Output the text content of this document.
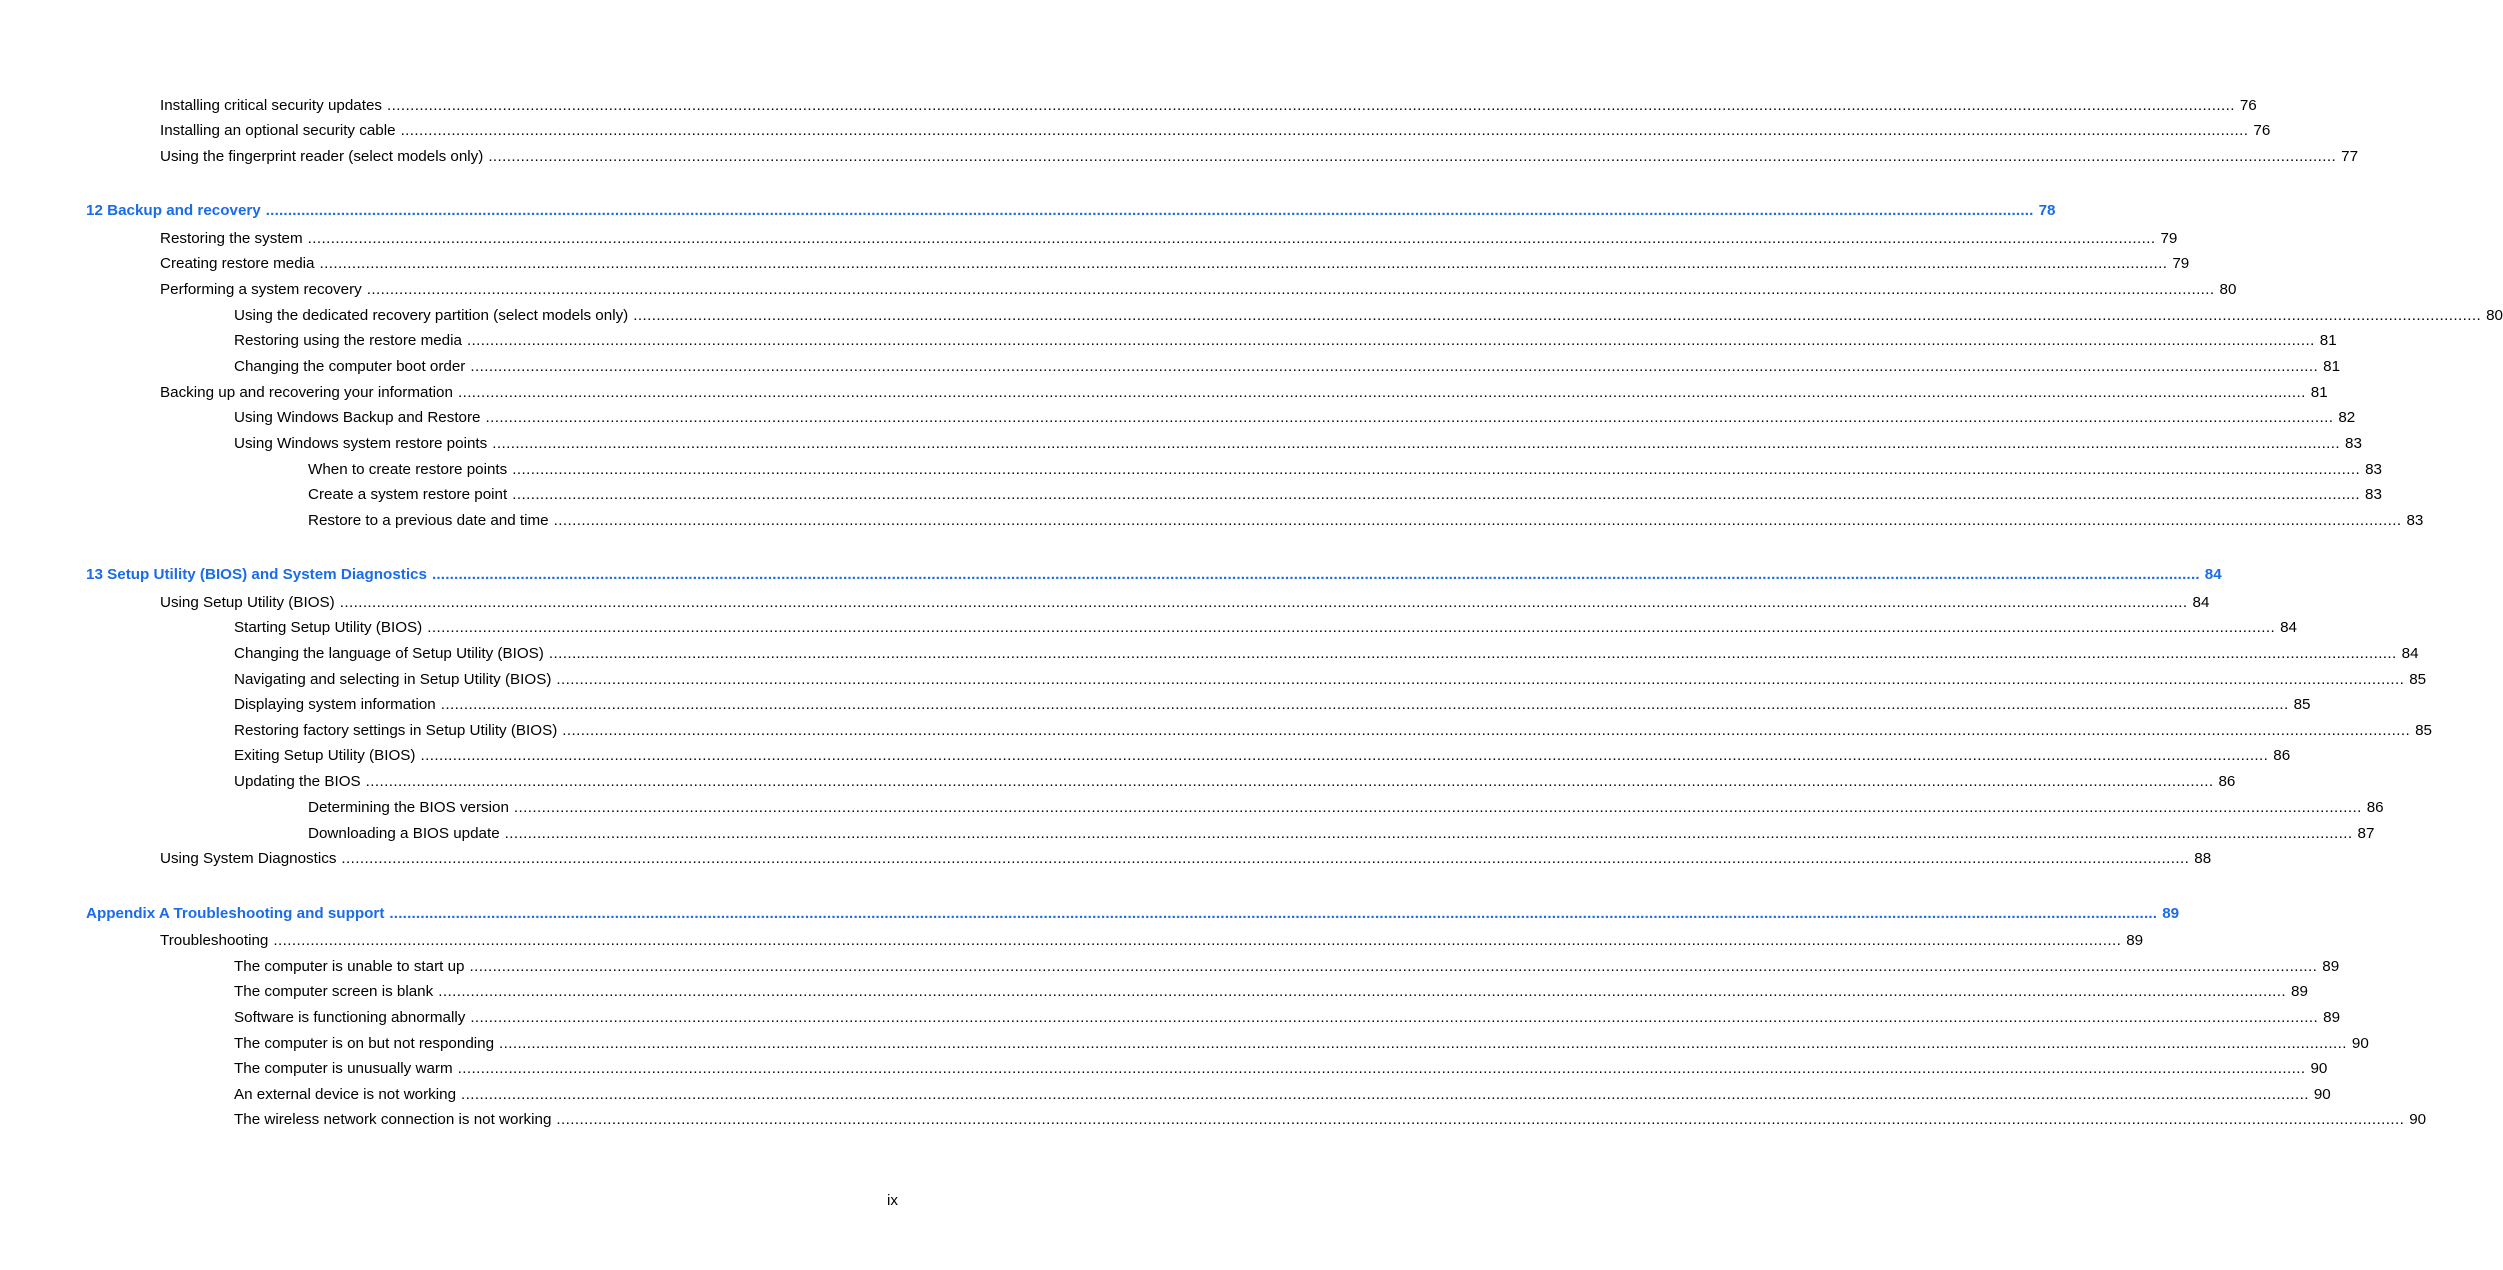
Installing critical security updates ................................................................................................................................................................................................................................................................................................................................................................................................................ 76
Installing an optional security cable ................................................................................................................................................................................................................................................................................................................................................................................................................ 76
Using the fingerprint reader (select models only) ................................................................................................................................................................................................................................................................................................................................................................................................................ 77
12 Backup and recovery ................................................................................................................................................................................................................................................................................................................................................................................................................ 78
Restoring the system ................................................................................................................................................................................................................................................................................................................................................................................................................ 79
Creating restore media ................................................................................................................................................................................................................................................................................................................................................................................................................ 79
Performing a system recovery ................................................................................................................................................................................................................................................................................................................................................................................................................ 80
Using the dedicated recovery partition (select models only) ................................................................................................................................................................................................................................................................................................................................................................................................................ 80
Restoring using the restore media ................................................................................................................................................................................................................................................................................................................................................................................................................ 81
Changing the computer boot order ................................................................................................................................................................................................................................................................................................................................................................................................................ 81
Backing up and recovering your information ................................................................................................................................................................................................................................................................................................................................................................................................................ 81
Using Windows Backup and Restore ................................................................................................................................................................................................................................................................................................................................................................................................................ 82
Using Windows system restore points ................................................................................................................................................................................................................................................................................................................................................................................................................ 83
When to create restore points ................................................................................................................................................................................................................................................................................................................................................................................................................ 83
Create a system restore point ................................................................................................................................................................................................................................................................................................................................................................................................................ 83
Restore to a previous date and time ................................................................................................................................................................................................................................................................................................................................................................................................................ 83
13 Setup Utility (BIOS) and System Diagnostics ................................................................................................................................................................................................................................................................................................................................................................................................................ 84
Using Setup Utility (BIOS) ................................................................................................................................................................................................................................................................................................................................................................................................................ 84
Starting Setup Utility (BIOS) ................................................................................................................................................................................................................................................................................................................................................................................................................ 84
Changing the language of Setup Utility (BIOS) ................................................................................................................................................................................................................................................................................................................................................................................................................ 84
Navigating and selecting in Setup Utility (BIOS) ................................................................................................................................................................................................................................................................................................................................................................................................................ 85
Displaying system information ................................................................................................................................................................................................................................................................................................................................................................................................................ 85
Restoring factory settings in Setup Utility (BIOS) ................................................................................................................................................................................................................................................................................................................................................................................................................ 85
Exiting Setup Utility (BIOS) ................................................................................................................................................................................................................................................................................................................................................................................................................ 86
Updating the BIOS ................................................................................................................................................................................................................................................................................................................................................................................................................ 86
Determining the BIOS version ................................................................................................................................................................................................................................................................................................................................................................................................................ 86
Downloading a BIOS update ................................................................................................................................................................................................................................................................................................................................................................................................................ 87
Using System Diagnostics ................................................................................................................................................................................................................................................................................................................................................................................................................ 88
Appendix A Troubleshooting and support ................................................................................................................................................................................................................................................................................................................................................................................................................ 89
Troubleshooting ................................................................................................................................................................................................................................................................................................................................................................................................................ 89
The computer is unable to start up ................................................................................................................................................................................................................................................................................................................................................................................................................ 89
The computer screen is blank ................................................................................................................................................................................................................................................................................................................................................................................................................ 89
Software is functioning abnormally ................................................................................................................................................................................................................................................................................................................................................................................................................ 89
The computer is on but not responding ................................................................................................................................................................................................................................................................................................................................................................................................................ 90
The computer is unusually warm ................................................................................................................................................................................................................................................................................................................................................................................................................ 90
An external device is not working ................................................................................................................................................................................................................................................................................................................................................................................................................ 90
The wireless network connection is not working ................................................................................................................................................................................................................................................................................................................................................................................................................ 90
ix
